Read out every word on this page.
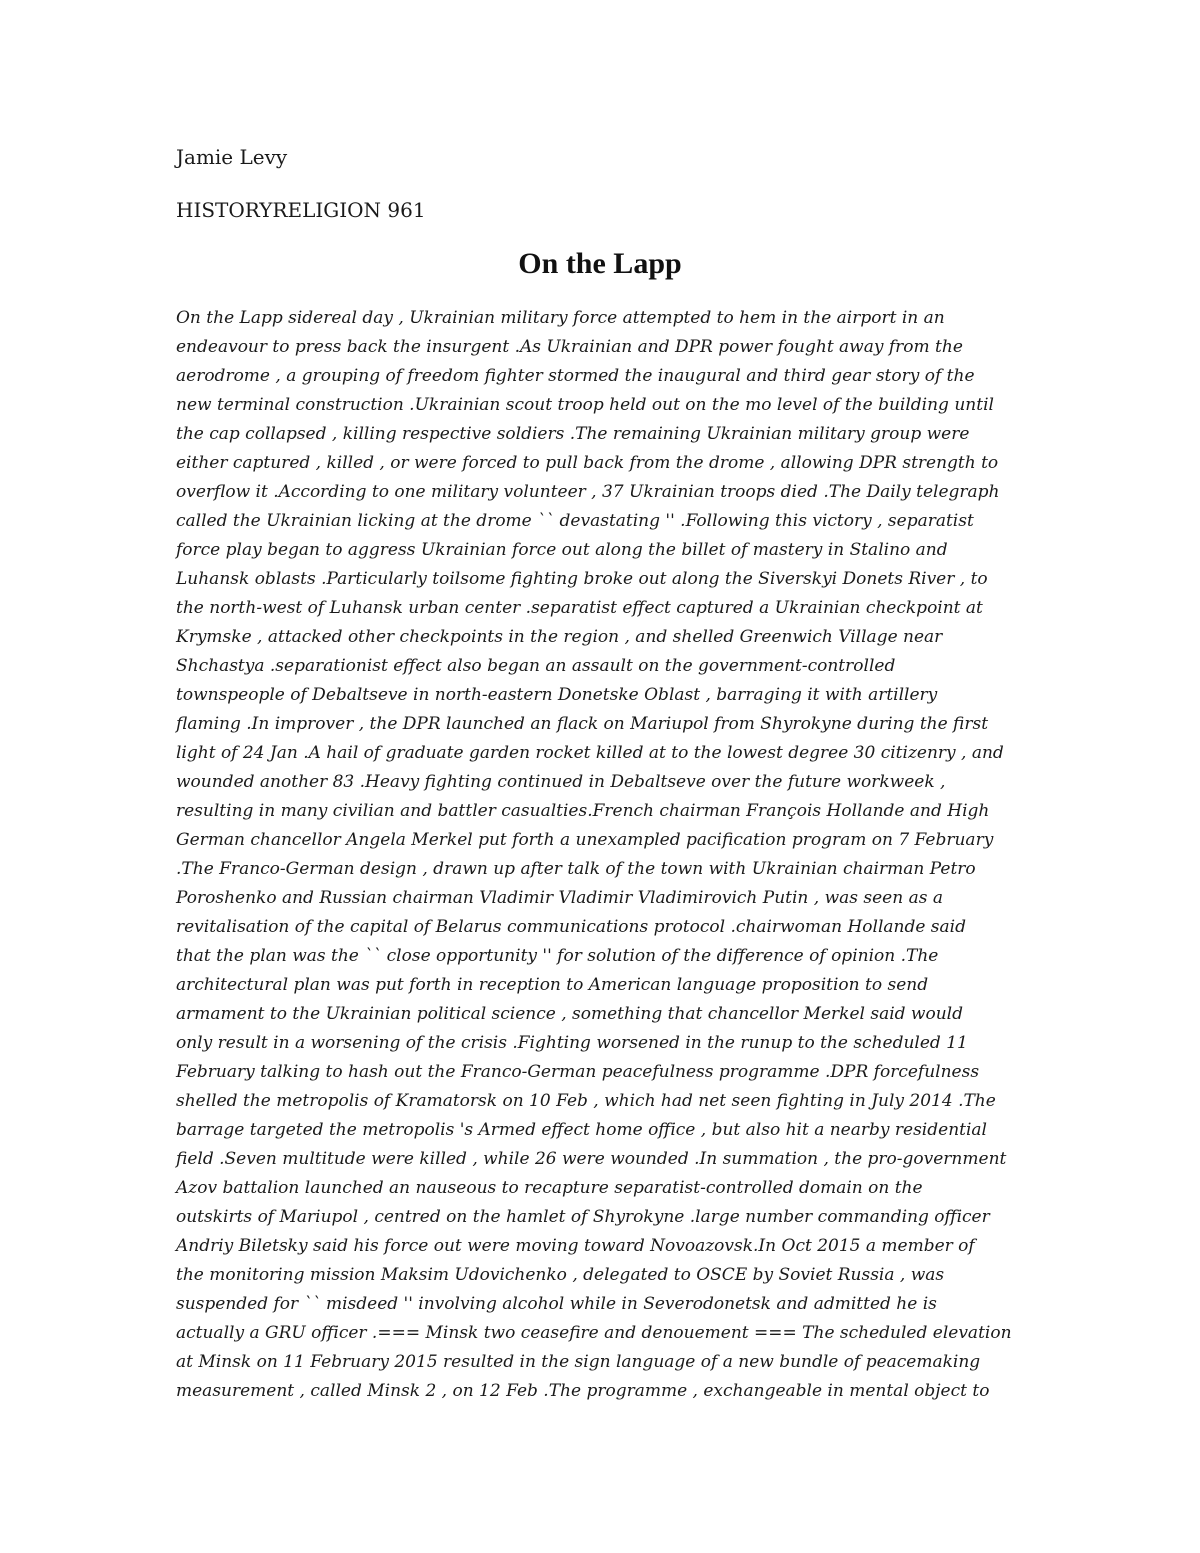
Jamie Levy

HISTORYRELIGION 961

On the Lapp
On the Lapp sidereal day , Ukrainian military force attempted to hem in the airport in an
endeavour to press back the insurgent .As Ukrainian and DPR power fought away from the
aerodrome , a grouping of freedom fighter stormed the inaugural and third gear story of the
new terminal construction .Ukrainian scout troop held out on the mo level of the building until
the cap collapsed , killing respective soldiers .The remaining Ukrainian military group were
either captured , killed , or were forced to pull back from the drome , allowing DPR strength to
overflow it .According to one military volunteer , 37 Ukrainian troops died .The Daily telegraph
called the Ukrainian licking at the drome `` devastating '' .Following this victory , separatist
force play began to aggress Ukrainian force out along the billet of mastery in Stalino and
Luhansk oblasts .Particularly toilsome fighting broke out along the Siverskyi Donets River , to
the north-west of Luhansk urban center .separatist effect captured a Ukrainian checkpoint at
Krymske , attacked other checkpoints in the region , and shelled Greenwich Village near
Shchastya .separationist effect also began an assault on the government-controlled
townspeople of Debaltseve in north-eastern Donetske Oblast , barraging it with artillery
flaming .In improver , the DPR launched an flack on Mariupol from Shyrokyne during the first
light of 24 Jan .A hail of graduate garden rocket killed at to the lowest degree 30 citizenry , and
wounded another 83 .Heavy fighting continued in Debaltseve over the future workweek ,
resulting in many civilian and battler casualties.French chairman François Hollande and High
German chancellor Angela Merkel put forth a unexampled pacification program on 7 February
.The Franco-German design , drawn up after talk of the town with Ukrainian chairman Petro
Poroshenko and Russian chairman Vladimir Vladimir Vladimirovich Putin , was seen as a
revitalisation of the capital of Belarus communications protocol .chairwoman Hollande said
that the plan was the `` close opportunity '' for solution of the difference of opinion .The
architectural plan was put forth in reception to American language proposition to send
armament to the Ukrainian political science , something that chancellor Merkel said would
only result in a worsening of the crisis .Fighting worsened in the runup to the scheduled 11
February talking to hash out the Franco-German peacefulness programme .DPR forcefulness
shelled the metropolis of Kramatorsk on 10 Feb , which had net seen fighting in July 2014 .The
barrage targeted the metropolis 's Armed effect home office , but also hit a nearby residential
field .Seven multitude were killed , while 26 were wounded .In summation , the pro-government
Azov battalion launched an nauseous to recapture separatist-controlled domain on the
outskirts of Mariupol , centred on the hamlet of Shyrokyne .large number commanding officer
Andriy Biletsky said his force out were moving toward Novoazovsk.In Oct 2015 a member of
the monitoring mission Maksim Udovichenko , delegated to OSCE by Soviet Russia , was
suspended for `` misdeed '' involving alcohol while in Severodonetsk and admitted he is
actually a GRU officer .=== Minsk two ceasefire and denouement === The scheduled elevation
at Minsk on 11 February 2015 resulted in the sign language of a new bundle of peacemaking
measurement , called Minsk 2 , on 12 Feb .The programme , exchangeable in mental object to
